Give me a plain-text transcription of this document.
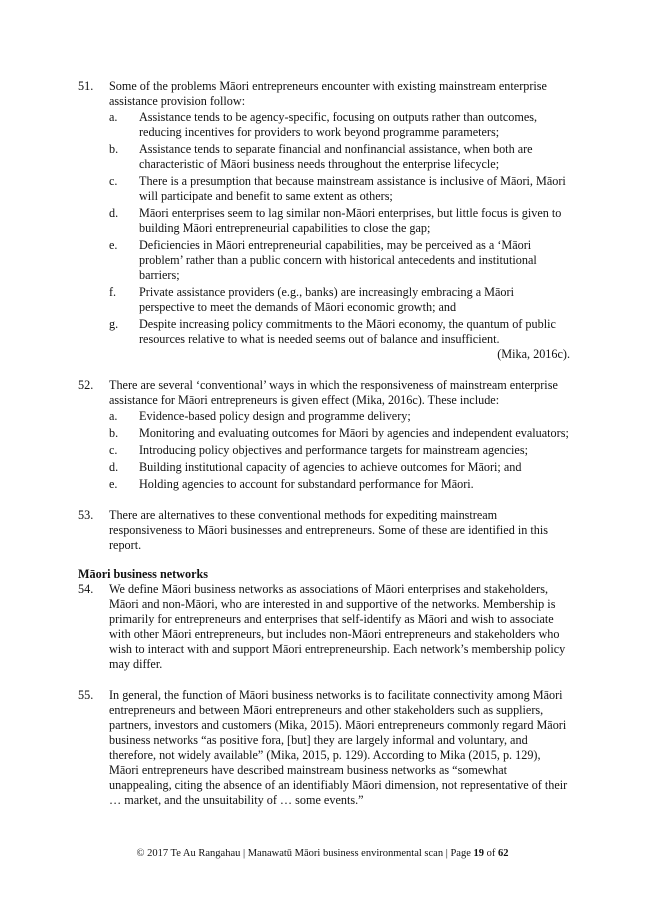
51.	Some of the problems Māori entrepreneurs encounter with existing mainstream enterprise assistance provision follow:
a.	Assistance tends to be agency-specific, focusing on outputs rather than outcomes, reducing incentives for providers to work beyond programme parameters;
b.	Assistance tends to separate financial and nonfinancial assistance, when both are characteristic of Māori business needs throughout the enterprise lifecycle;
c.	There is a presumption that because mainstream assistance is inclusive of Māori, Māori will participate and benefit to same extent as others;
d.	Māori enterprises seem to lag similar non-Māori enterprises, but little focus is given to building Māori entrepreneurial capabilities to close the gap;
e.	Deficiencies in Māori entrepreneurial capabilities, may be perceived as a ‘Māori problem’ rather than a public concern with historical antecedents and institutional barriers;
f.	Private assistance providers (e.g., banks) are increasingly embracing a Māori perspective to meet the demands of Māori economic growth; and
g.	Despite increasing policy commitments to the Māori economy, the quantum of public resources relative to what is needed seems out of balance and insufficient.
(Mika, 2016c).
52.	There are several ‘conventional’ ways in which the responsiveness of mainstream enterprise assistance for Māori entrepreneurs is given effect (Mika, 2016c). These include:
a.	Evidence-based policy design and programme delivery;
b.	Monitoring and evaluating outcomes for Māori by agencies and independent evaluators;
c.	Introducing policy objectives and performance targets for mainstream agencies;
d.	Building institutional capacity of agencies to achieve outcomes for Māori; and
e.	Holding agencies to account for substandard performance for Māori.
53.	There are alternatives to these conventional methods for expediting mainstream responsiveness to Māori businesses and entrepreneurs. Some of these are identified in this report.
Māori business networks
54.	We define Māori business networks as associations of Māori enterprises and stakeholders, Māori and non-Māori, who are interested in and supportive of the networks. Membership is primarily for entrepreneurs and enterprises that self-identify as Māori and wish to associate with other Māori entrepreneurs, but includes non-Māori entrepreneurs and stakeholders who wish to interact with and support Māori entrepreneurship. Each network’s membership policy may differ.
55.	In general, the function of Māori business networks is to facilitate connectivity among Māori entrepreneurs and between Māori entrepreneurs and other stakeholders such as suppliers, partners, investors and customers (Mika, 2015). Māori entrepreneurs commonly regard Māori business networks “as positive fora, [but] they are largely informal and voluntary, and therefore, not widely available” (Mika, 2015, p. 129). According to Mika (2015, p. 129), Māori entrepreneurs have described mainstream business networks as “somewhat unappealing, citing the absence of an identifiably Māori dimension, not representative of their … market, and the unsuitability of … some events.”
© 2017 Te Au Rangahau | Manawatū Māori business environmental scan | Page 19 of 62
